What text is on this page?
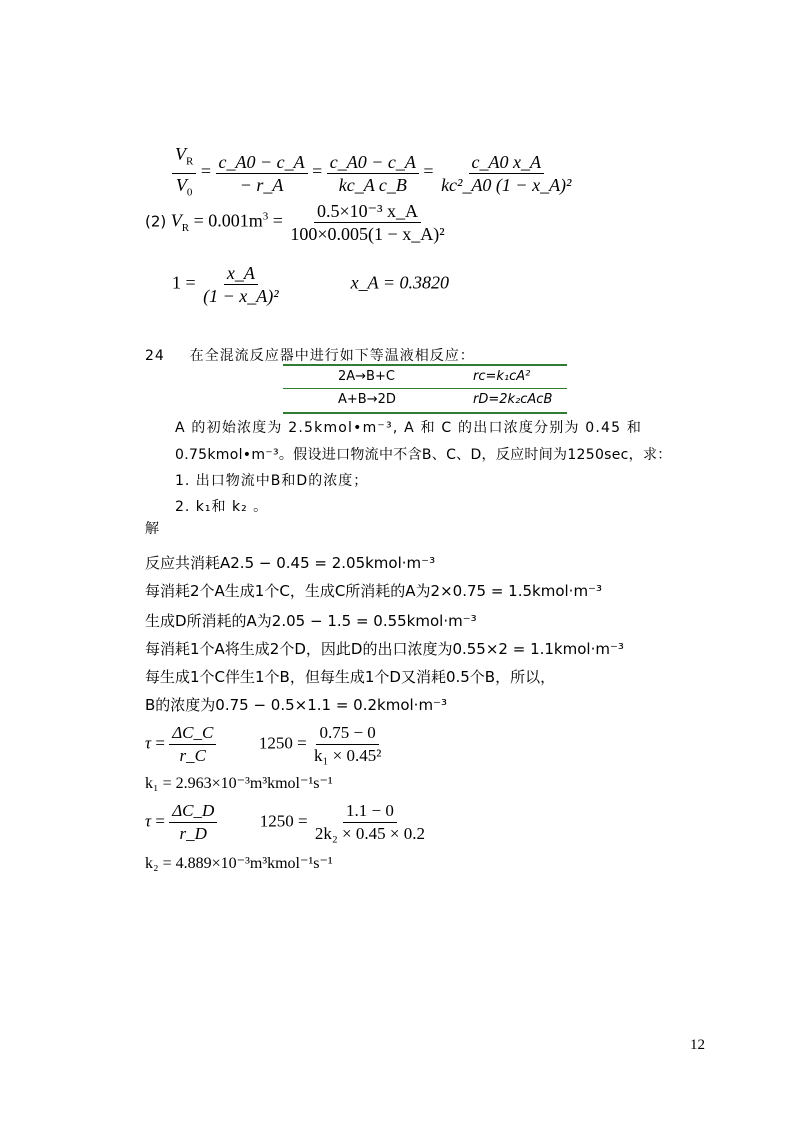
$\frac{V_R}{V_0} = \frac{c\_A0 - c\_A}{- r\_A} = \frac{c\_A0 - c\_A}{\text{kc\_A c\_B}} = \frac{c\_A0 x\_A}{\text{kc²\_A0 (1 − x\_A)²}}$
(2) $V_R = 0.001m^3 = \frac{\text{0.5×10⁻³ x\_A}}{\text{100×0.005(1 − x\_A)²}}$
$1 = \frac{x\_A}{\text{(1 − x\_A)²}}$	x_A = 0.3820
24 在全混流反应器中进行如下等温液相反应：
2A→B+C	rc=k₁cA²
A+B→2D	rD=2k₂cAcB
A 的初始浓度为 2.5kmol•m⁻³, A 和 C 的出口浓度分别为 0.45 和
0.75kmol•m⁻³。假设进口物流中不含B、C、D，反应时间为1250sec，求：
1. 出口物流中B和D的浓度；
2. k₁和 k₂ 。
解
反应共消耗A2.5 − 0.45 = 2.05kmol·m⁻³
每消耗2个A生成1个C，生成C所消耗的A为2×0.75 = 1.5kmol·m⁻³
生成D所消耗的A为2.05 − 1.5 = 0.55kmol·m⁻³
每消耗1个A将生成2个D，因此D的出口浓度为0.55×2 = 1.1kmol·m⁻³
每生成1个C伴生1个B，但每生成1个D又消耗0.5个B，所以，
B的浓度为0.75 − 0.5×1.1 = 0.2kmol·m⁻³
$\tau = \frac{\Delta C\_C}{r\_C}$	$1250 = \frac{0.75 - 0}{\text{k₁ × 0.45²}}$
k₁ = 2.963×10⁻³m³kmol⁻¹s⁻¹
$\tau = \frac{\Delta C\_D}{r\_D}$	$1250 = \frac{1.1 - 0}{\text{2k₂ × 0.45 × 0.2}}$
k₂ = 4.889×10⁻³m³kmol⁻¹s⁻¹
12
